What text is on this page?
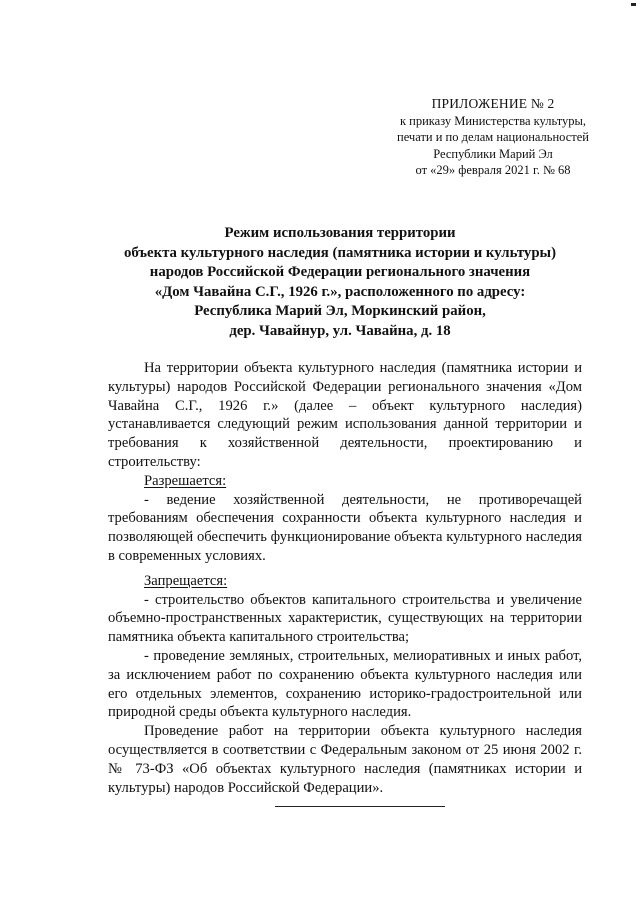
ПРИЛОЖЕНИЕ № 2
к приказу Министерства культуры,
печати и по делам национальностей
Республики Марий Эл
от «29» февраля 2021 г. № 68
Режим использования территории
объекта культурного наследия (памятника истории и культуры)
народов Российской Федерации регионального значения
«Дом Чавайна С.Г., 1926 г.», расположенного по адресу:
Республика Марий Эл, Моркинский район,
дер. Чавайнур, ул. Чавайна, д. 18

На территории объекта культурного наследия (памятника истории и культуры) народов Российской Федерации регионального значения «Дом Чавайна С.Г., 1926 г.» (далее – объект культурного наследия) устанавливается следующий режим использования данной территории и требования к хозяйственной деятельности, проектированию и строительству:

Разрешается:

- ведение хозяйственной деятельности, не противоречащей требованиям обеспечения сохранности объекта культурного наследия и позволяющей обеспечить функционирование объекта культурного наследия в современных условиях.

Запрещается:

- строительство объектов капитального строительства и увеличение объемно-пространственных характеристик, существующих на территории памятника объекта капитального строительства;

- проведение земляных, строительных, мелиоративных и иных работ, за исключением работ по сохранению объекта культурного наследия или его отдельных элементов, сохранению историко-градостроительной или природной среды объекта культурного наследия.

Проведение работ на территории объекта культурного наследия осуществляется в соответствии с Федеральным законом от 25 июня 2002 г. № 73-ФЗ «Об объектах культурного наследия (памятниках истории и культуры) народов Российской Федерации».
